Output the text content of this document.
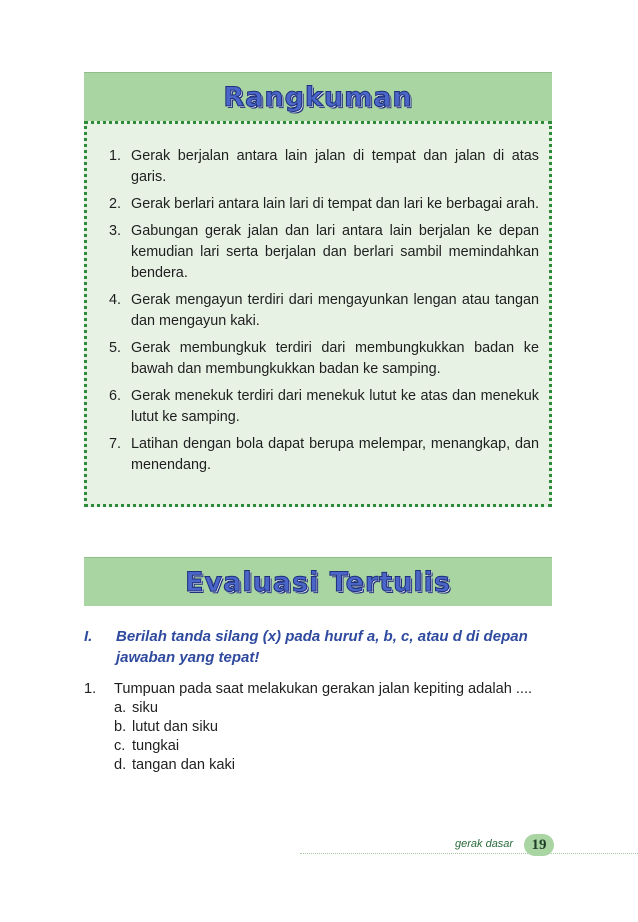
Rangkuman
1. Gerak berjalan antara lain jalan di tempat dan jalan di atas garis.
2. Gerak berlari antara lain lari di tempat dan lari ke berbagai arah.
3. Gabungan gerak jalan dan lari antara lain berjalan ke depan kemudian lari serta berjalan dan berlari sambil memindahkan bendera.
4. Gerak mengayun terdiri dari mengayunkan lengan atau tangan dan mengayun kaki.
5. Gerak membungkuk terdiri dari membungkukkan badan ke bawah dan membungkukkan badan ke samping.
6. Gerak menekuk terdiri dari menekuk lutut ke atas dan menekuk lutut ke samping.
7. Latihan dengan bola dapat berupa melempar, menangkap, dan menendang.
Evaluasi Tertulis
I.	Berilah tanda silang (x) pada huruf a, b, c, atau d di depan jawaban yang tepat!
1.	Tumpuan pada saat melakukan gerakan jalan kepiting adalah ....
a. siku
b. lutut dan siku
c. tungkai
d. tangan dan kaki
gerak dasar 19
